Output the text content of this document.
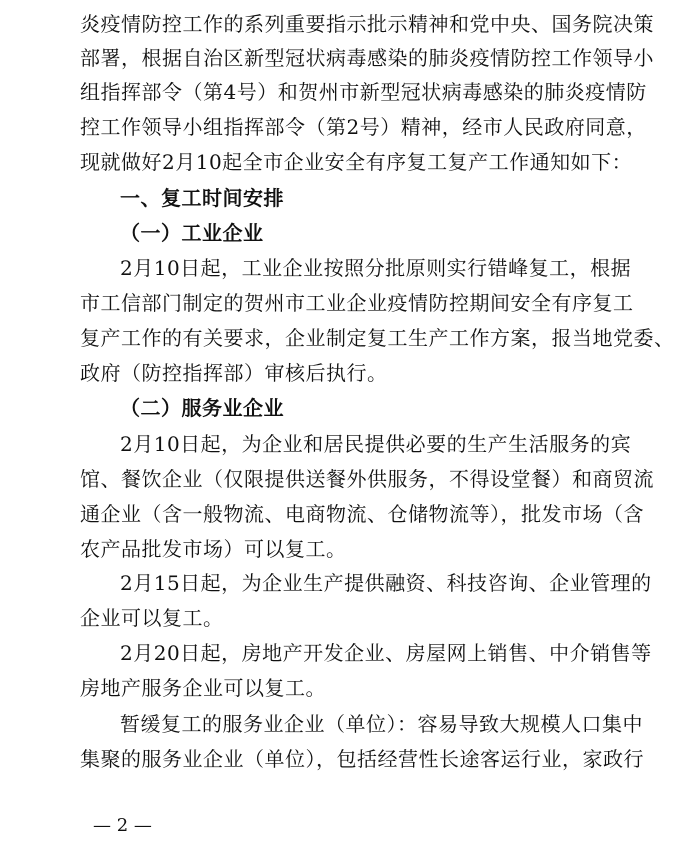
炎疫情防控工作的系列重要指示批示精神和党中央、国务院决策
部署，根据自治区新型冠状病毒感染的肺炎疫情防控工作领导小
组指挥部令（第4号）和贺州市新型冠状病毒感染的肺炎疫情防
控工作领导小组指挥部令（第2号）精神，经市人民政府同意，
现就做好2月10起全市企业安全有序复工复产工作通知如下：
一、复工时间安排
（一）工业企业
2月10日起，工业企业按照分批原则实行错峰复工，根据
市工信部门制定的贺州市工业企业疫情防控期间安全有序复工
复产工作的有关要求，企业制定复工生产工作方案，报当地党委、
政府（防控指挥部）审核后执行。
（二）服务业企业
2月10日起，为企业和居民提供必要的生产生活服务的宾
馆、餐饮企业（仅限提供送餐外供服务，不得设堂餐）和商贸流
通企业（含一般物流、电商物流、仓储物流等），批发市场（含
农产品批发市场）可以复工。
2月15日起，为企业生产提供融资、科技咨询、企业管理的
企业可以复工。
2月20日起，房地产开发企业、房屋网上销售、中介销售等
房地产服务企业可以复工。
暂缓复工的服务业企业（单位）：容易导致大规模人口集中
集聚的服务业企业（单位），包括经营性长途客运行业，家政行
— 2 —
